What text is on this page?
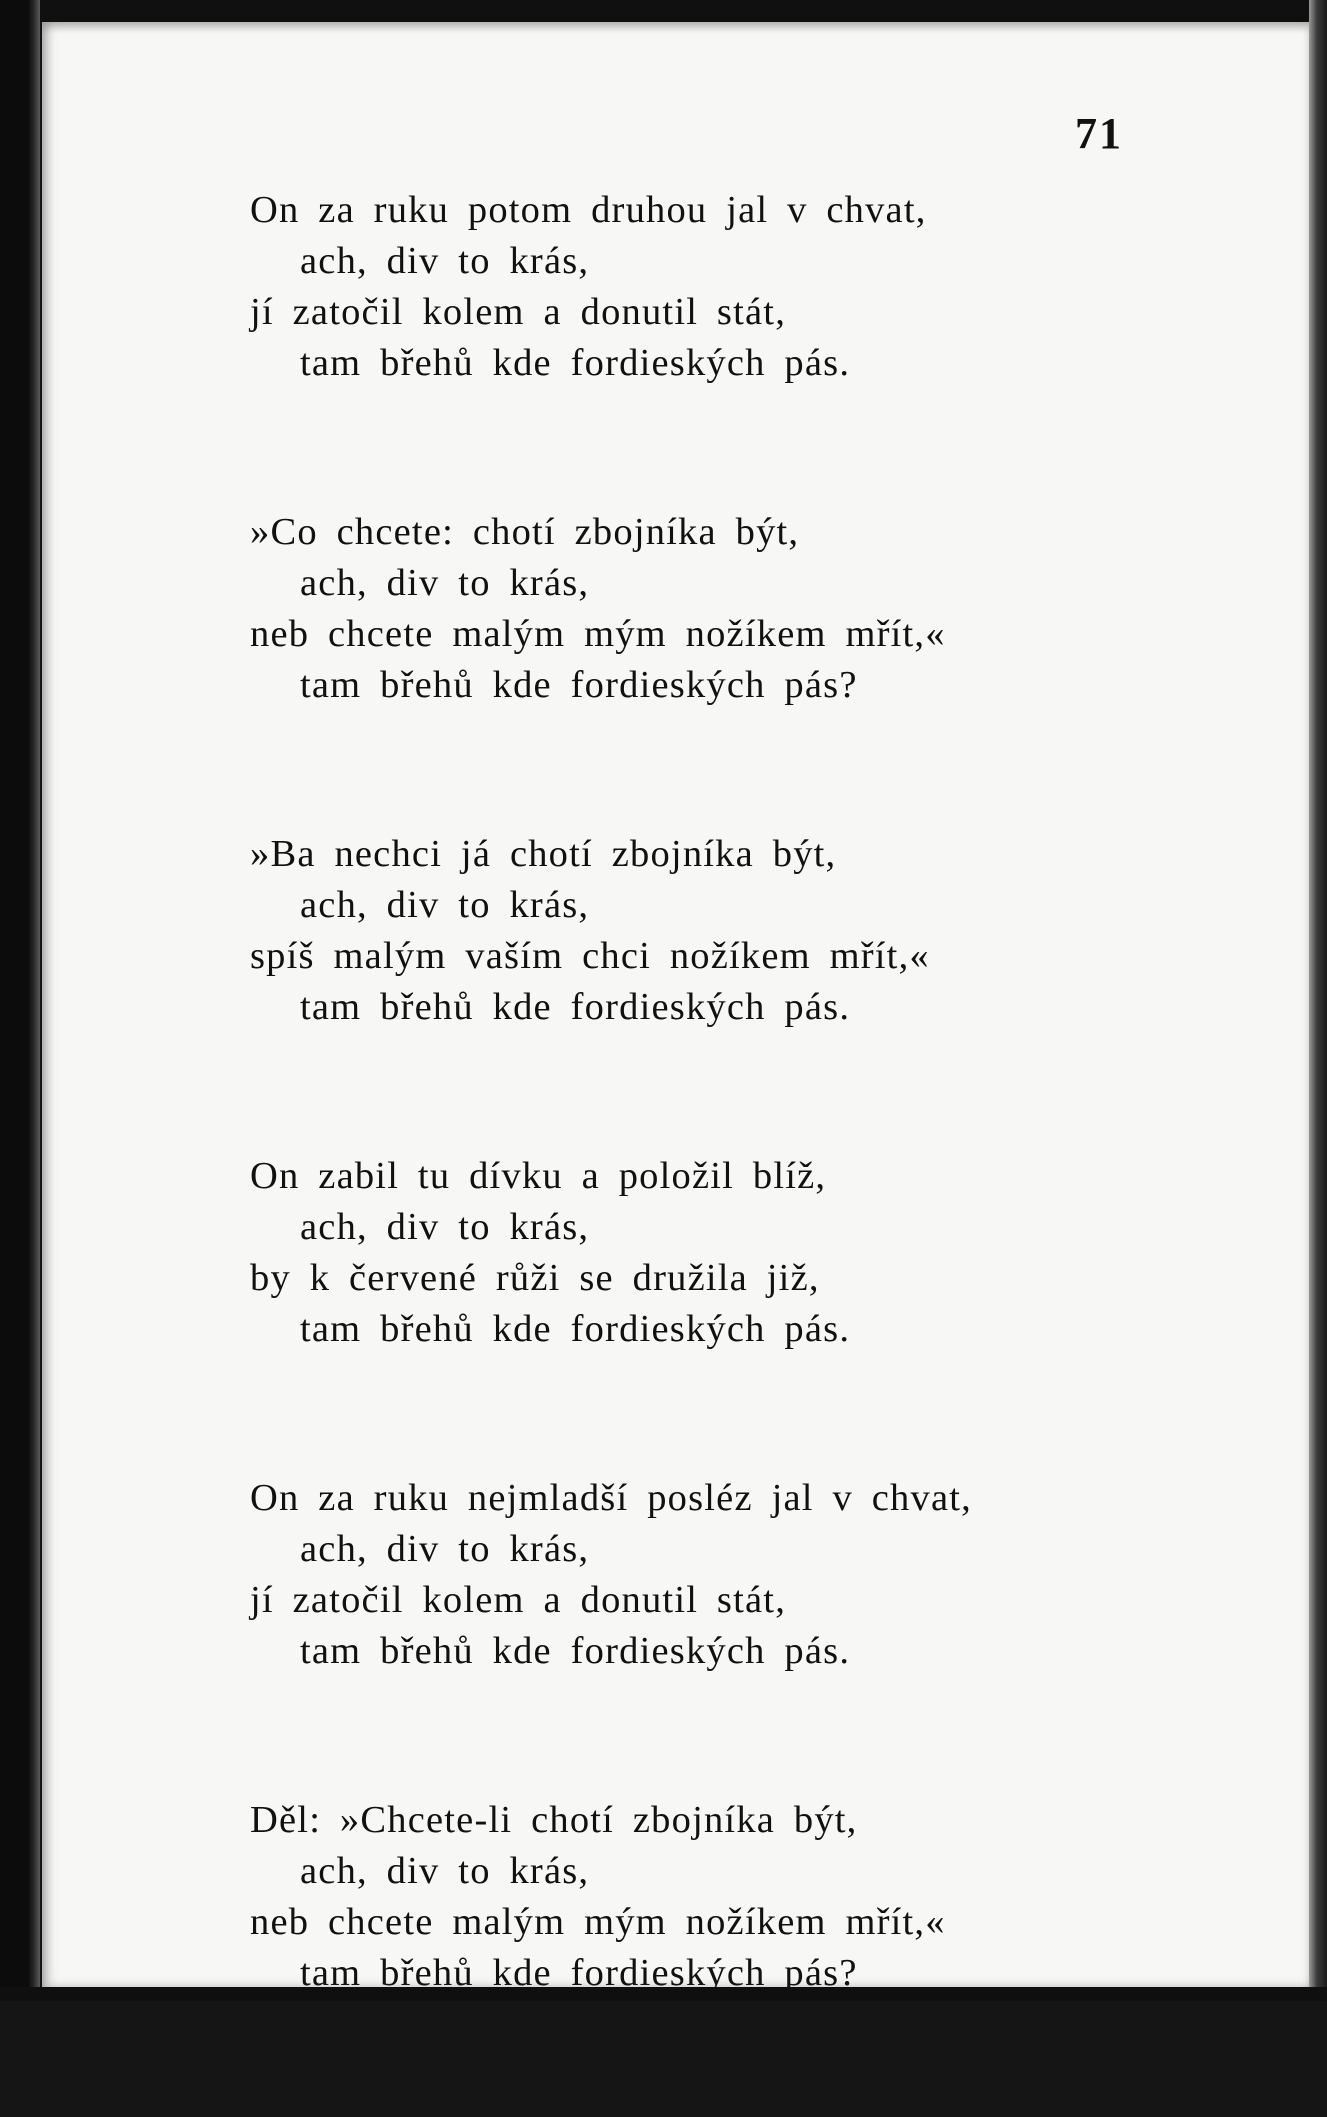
71
On za ruku potom druhou jal v chvat,
ach, div to krás,
jí zatočil kolem a donutil stát,
tam břehů kde fordieských pás.
»Co chcete: chotí zbojníka být,
ach, div to krás,
neb chcete malým mým nožíkem mřít,«
tam břehů kde fordieských pás?
»Ba nechci já chotí zbojníka být,
ach, div to krás,
spíš malým vaším chci nožíkem mřít,«
tam břehů kde fordieských pás.
On zabil tu dívku a položil blíž,
ach, div to krás,
by k červené růži se družila již,
tam břehů kde fordieských pás.
On za ruku nejmladší posléz jal v chvat,
ach, div to krás,
jí zatočil kolem a donutil stát,
tam břehů kde fordieských pás.
Děl: »Chcete-li chotí zbojníka být,
ach, div to krás,
neb chcete malým mým nožíkem mřít,«
tam břehů kde fordieských pás?
